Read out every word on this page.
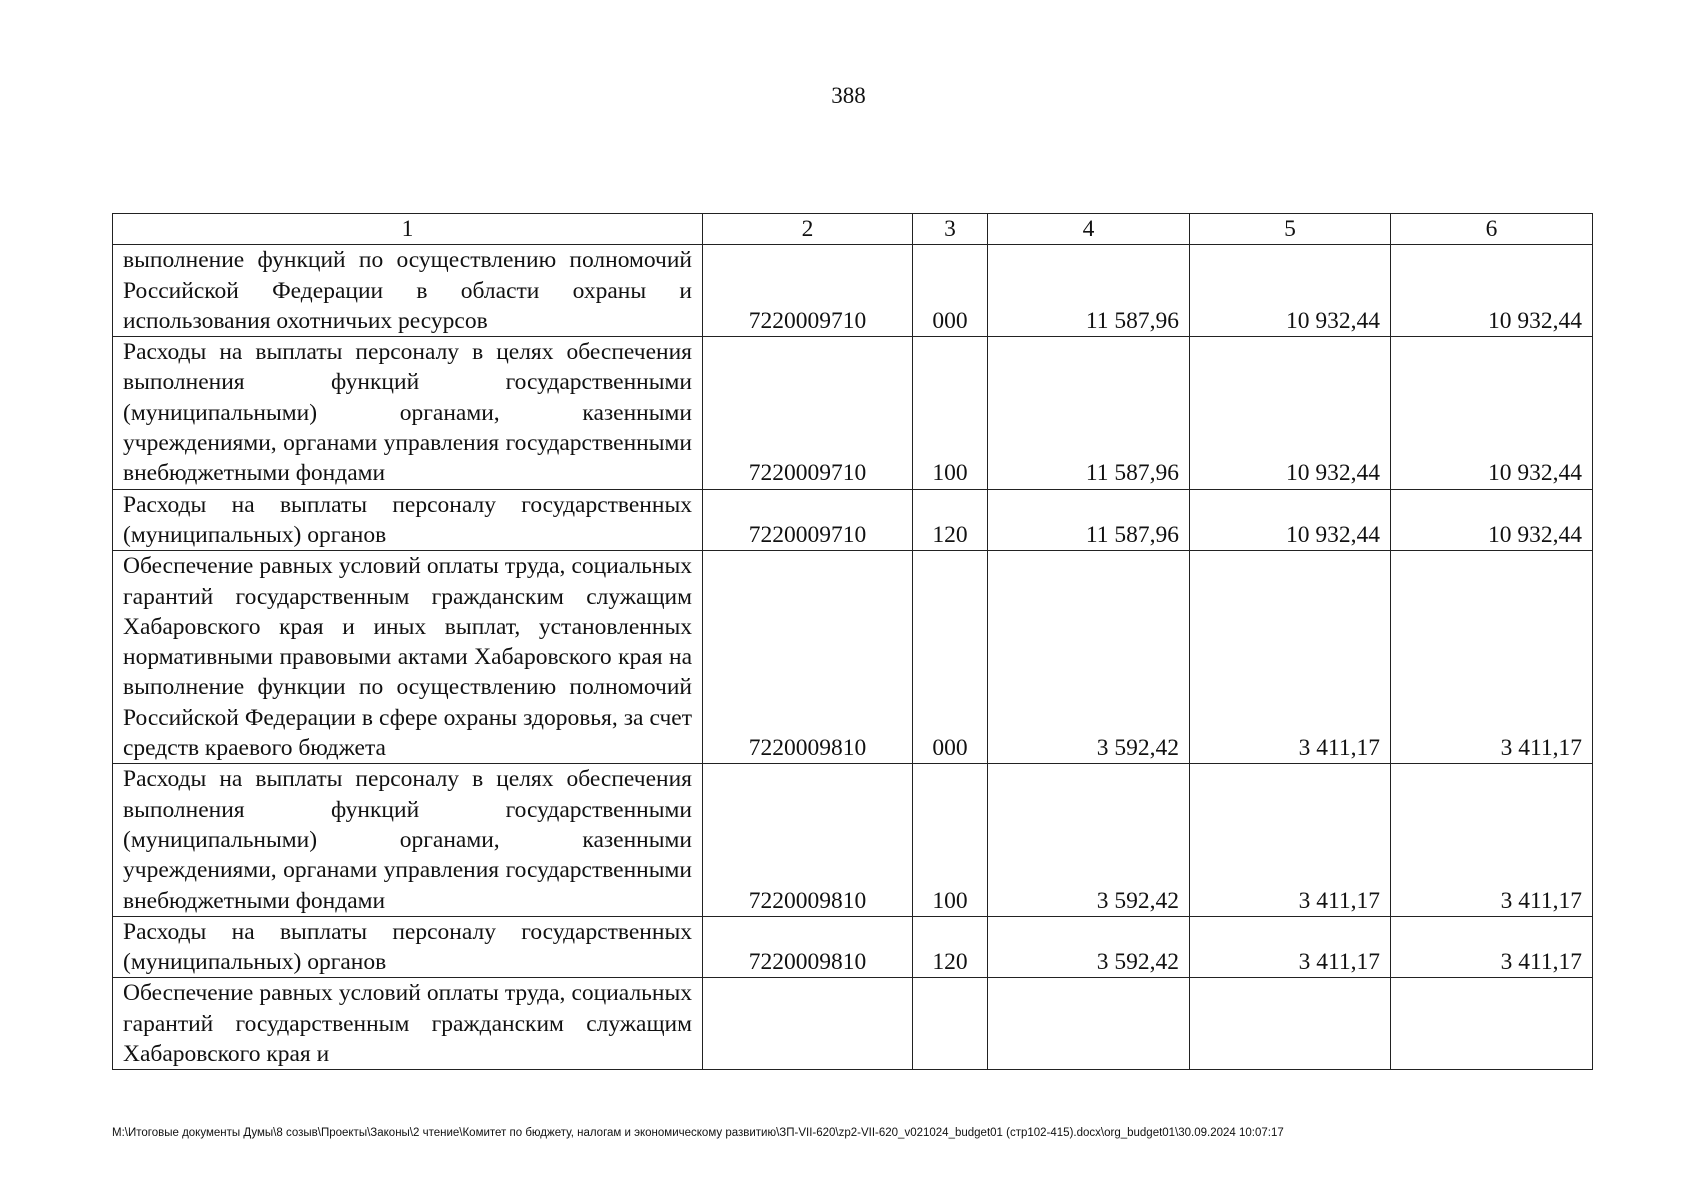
388
1	2	3	4	5	6
выполнение функций по осуществлению полномочий Российской Федерации в области охраны и использования охотничьих ресурсов	7220009710	000	11 587,96	10 932,44	10 932,44
Расходы на выплаты персоналу в целях обеспечения выполнения функций государственными (муниципальными) органами, казенными учреждениями, органами управления государственными внебюджетными фондами	7220009710	100	11 587,96	10 932,44	10 932,44
Расходы на выплаты персоналу государственных (муниципальных) органов	7220009710	120	11 587,96	10 932,44	10 932,44
Обеспечение равных условий оплаты труда, социальных гарантий государственным гражданским служащим Хабаровского края и иных выплат, установленных нормативными правовыми актами Хабаровского края на выполнение функции по осуществлению полномочий Российской Федерации в сфере охраны здоровья, за счет средств краевого бюджета	7220009810	000	3 592,42	3 411,17	3 411,17
Расходы на выплаты персоналу в целях обеспечения выполнения функций государственными (муниципальными) органами, казенными учреждениями, органами управления государственными внебюджетными фондами	7220009810	100	3 592,42	3 411,17	3 411,17
Расходы на выплаты персоналу государственных (муниципальных) органов	7220009810	120	3 592,42	3 411,17	3 411,17
Обеспечение равных условий оплаты труда, социальных гарантий государственным гражданским служащим Хабаровского края и					
M:\Итоговые документы Думы\8 созыв\Проекты\Законы\2 чтение\Комитет по бюджету, налогам и экономическому развитию\ЗП-VII-620\zp2-VII-620_v021024_budget01 (стр102-415).docx\org_budget01\30.09.2024 10:07:17
